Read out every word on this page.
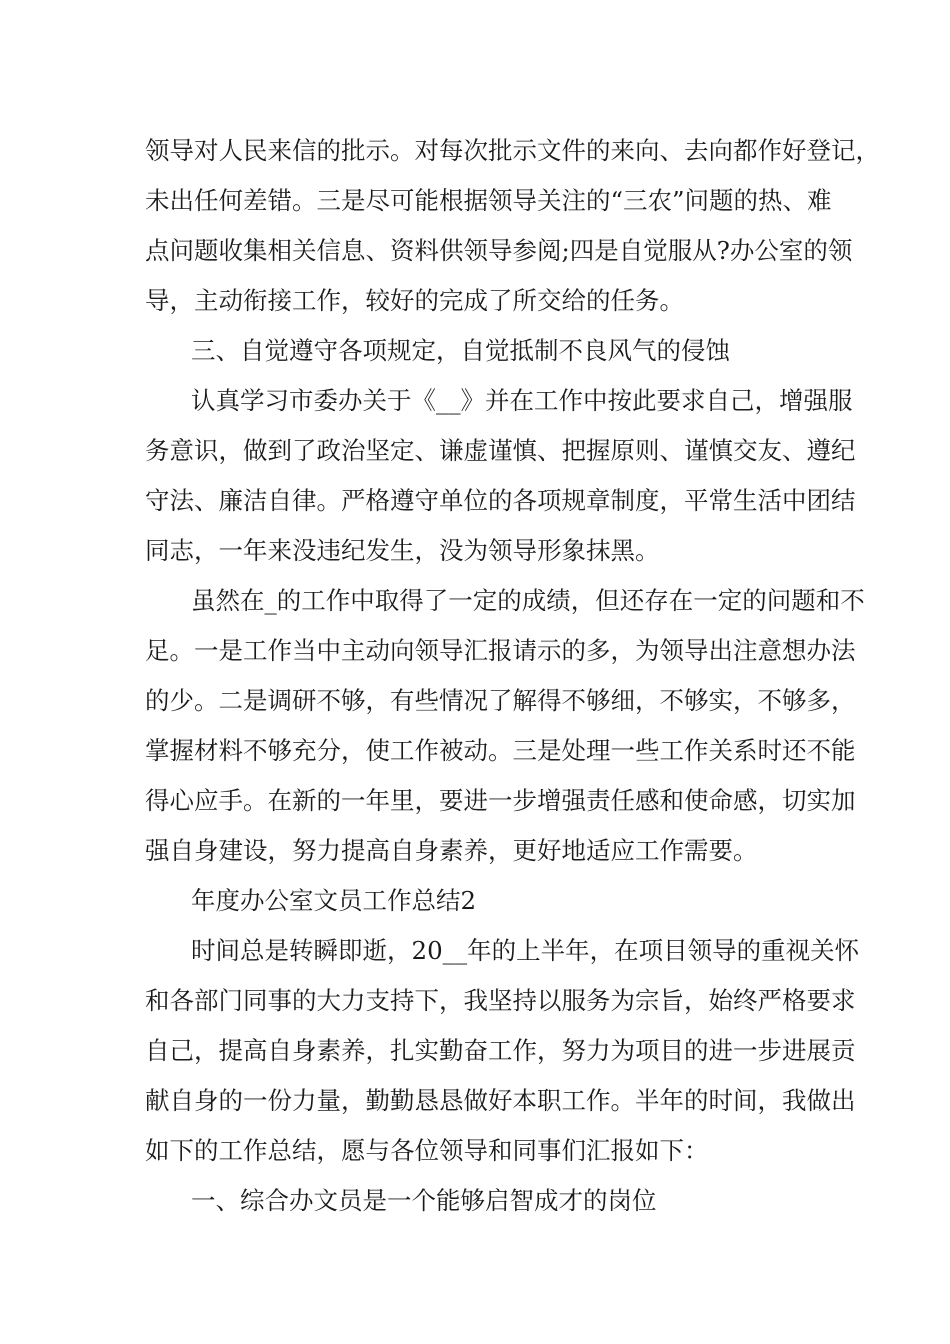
领导对人民来信的批示。对每次批示文件的来向、去向都作好登记，
未出任何差错。三是尽可能根据领导关注的“三农”问题的热、难
点问题收集相关信息、资料供领导参阅;四是自觉服从?办公室的领
导，主动衔接工作，较好的完成了所交给的任务。
三、自觉遵守各项规定，自觉抵制不良风气的侵蚀
认真学习市委办关于《__》并在工作中按此要求自己，增强服
务意识，做到了政治坚定、谦虚谨慎、把握原则、谨慎交友、遵纪
守法、廉洁自律。严格遵守单位的各项规章制度，平常生活中团结
同志，一年来没违纪发生，没为领导形象抹黑。
虽然在_的工作中取得了一定的成绩，但还存在一定的问题和不
足。一是工作当中主动向领导汇报请示的多，为领导出注意想办法
的少。二是调研不够，有些情况了解得不够细，不够实，不够多，
掌握材料不够充分，使工作被动。三是处理一些工作关系时还不能
得心应手。在新的一年里，要进一步增强责任感和使命感，切实加
强自身建设，努力提高自身素养，更好地适应工作需要。
年度办公室文员工作总结2
时间总是转瞬即逝，20__年的上半年，在项目领导的重视关怀
和各部门同事的大力支持下，我坚持以服务为宗旨，始终严格要求
自己，提高自身素养，扎实勤奋工作，努力为项目的进一步进展贡
献自身的一份力量，勤勤恳恳做好本职工作。半年的时间，我做出
如下的工作总结，愿与各位领导和同事们汇报如下：
一、综合办文员是一个能够启智成才的岗位
